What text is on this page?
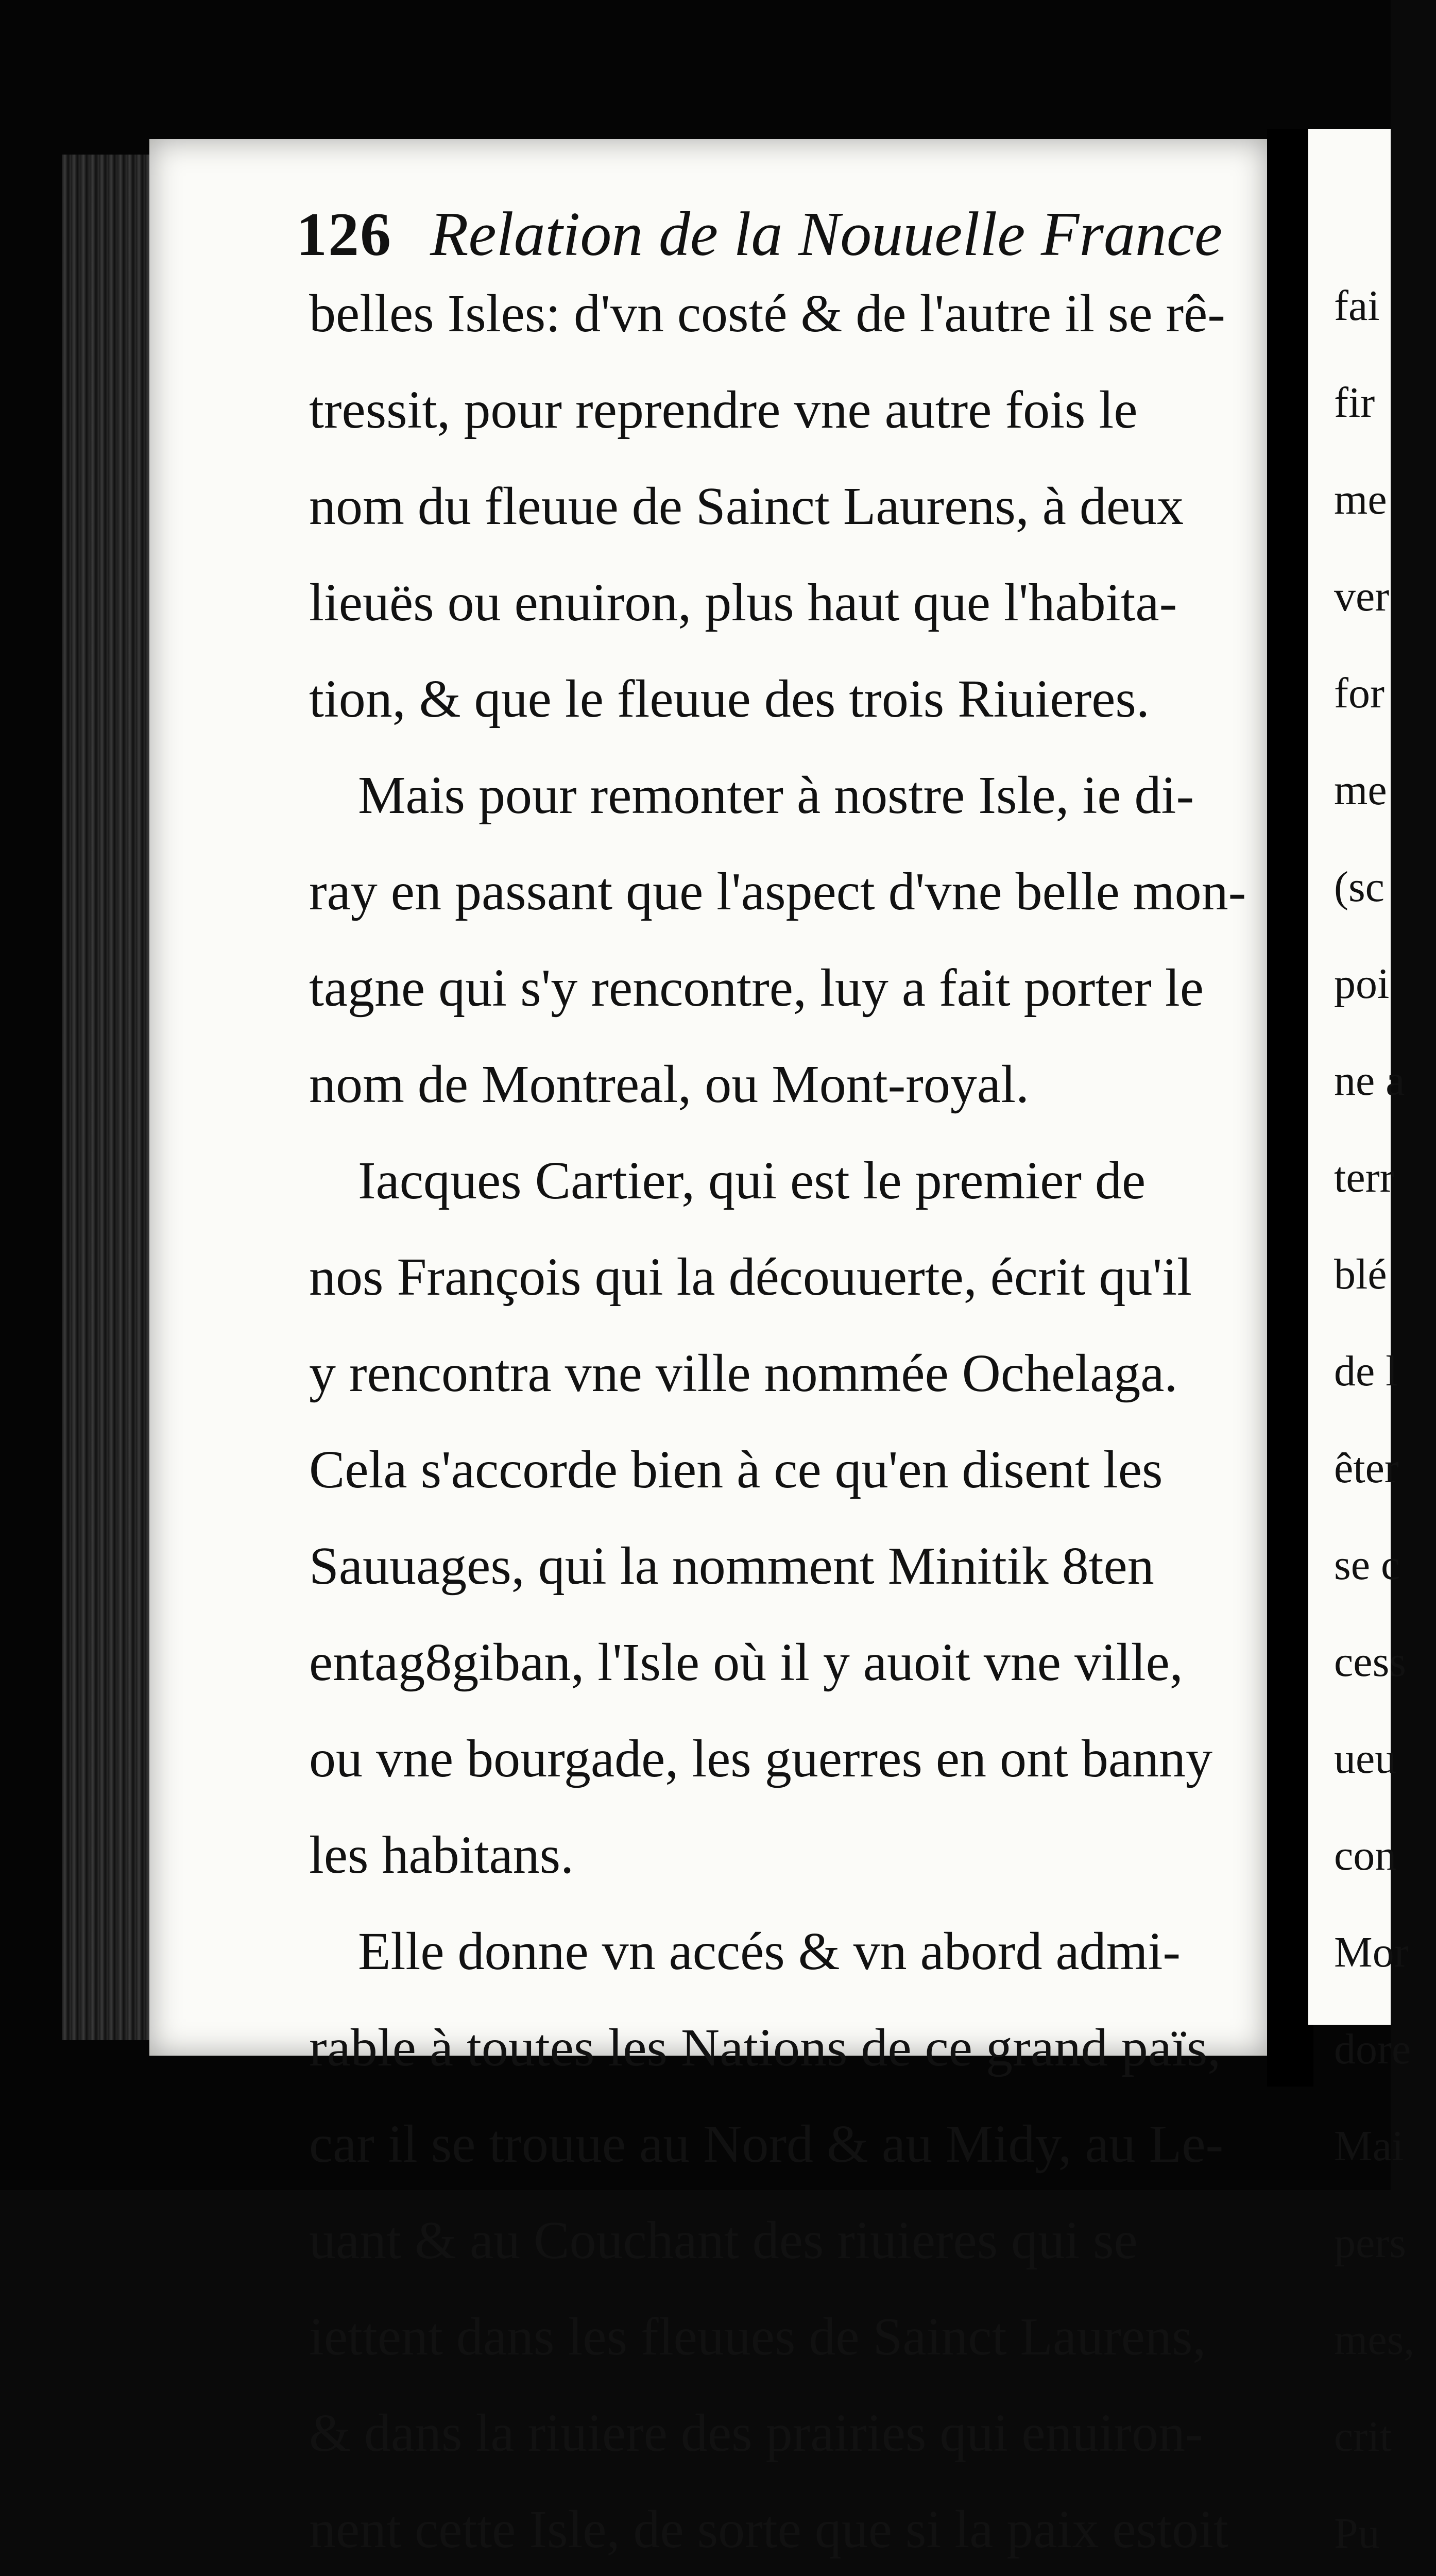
126 Relation de la Nouuelle France
belles Isles: d'vn costé & de l'autre il se rê-
tressit, pour reprendre vne autre fois le
nom du fleuue de Sainct Laurens, à deux
lieuës ou enuiron, plus haut que l'habita-
tion, & que le fleuue des trois Riuieres.
Mais pour remonter à nostre Isle, ie di-
ray en passant que l'aspect d'vne belle mon-
tagne qui s'y rencontre, luy a fait porter le
nom de Montreal, ou Mont-royal.
Iacques Cartier, qui est le premier de
nos François qui la découuerte, écrit qu'il
y rencontra vne ville nommée Ochelaga.
Cela s'accorde bien à ce qu'en disent les
Sauuages, qui la nomment Minitik 8ten
entag8giban, l'Isle où il y auoit vne ville,
ou vne bourgade, les guerres en ont banny
les habitans.
Elle donne vn accés & vn abord admi-
rable à toutes les Nations de ce grand païs,
car il se trouue au Nord & au Midy, au Le-
uant & au Couchant des riuieres qui se
iettent dans les fleuues de Sainct Laurens,
& dans la riuiere des prairies qui enuiron-
nent cette Isle, de sorte que si la paix estoit
fai
fir
me
ver
for
me
(sc
poi
ne a
terr
blé
de l
êter
se c
cess
ueu
con
Mor
dore
Mai
pers
mes,
crit
Pu
